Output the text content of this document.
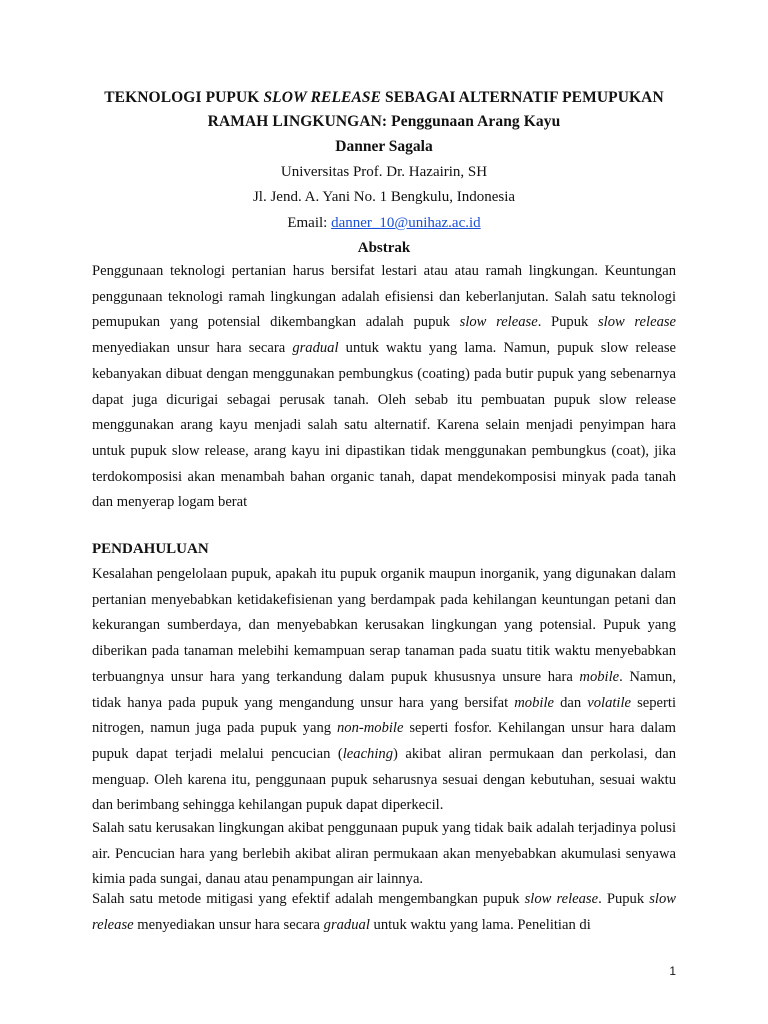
TEKNOLOGI PUPUK SLOW RELEASE SEBAGAI ALTERNATIF PEMUPUKAN
RAMAH LINGKUNGAN: Penggunaan Arang Kayu
Danner Sagala
Universitas Prof. Dr. Hazairin, SH
Jl. Jend. A. Yani No. 1 Bengkulu, Indonesia
Email: danner_10@unihaz.ac.id
Abstrak

Penggunaan teknologi pertanian harus bersifat lestari atau atau ramah lingkungan. Keuntungan penggunaan teknologi ramah lingkungan adalah efisiensi dan keberlanjutan. Salah satu teknologi pemupukan yang potensial dikembangkan adalah pupuk slow release. Pupuk slow release menyediakan unsur hara secara gradual untuk waktu yang lama. Namun, pupuk slow release kebanyakan dibuat dengan menggunakan pembungkus (coating) pada butir pupuk yang sebenarnya dapat juga dicurigai sebagai perusak tanah. Oleh sebab itu pembuatan pupuk slow release menggunakan arang kayu menjadi salah satu alternatif. Karena selain menjadi penyimpan hara untuk pupuk slow release, arang kayu ini dipastikan tidak menggunakan pembungkus (coat), jika terdokomposisi akan menambah bahan organic tanah, dapat mendekomposisi minyak pada tanah dan menyerap logam berat

PENDAHULUAN

Kesalahan pengelolaan pupuk, apakah itu pupuk organik maupun inorganik, yang digunakan dalam pertanian menyebabkan ketidakefisienan yang berdampak pada kehilangan keuntungan petani dan kekurangan sumberdaya, dan menyebabkan kerusakan lingkungan yang potensial. Pupuk yang diberikan pada tanaman melebihi kemampuan serap tanaman pada suatu titik waktu menyebabkan terbuangnya unsur hara yang terkandung dalam pupuk khususnya unsure hara mobile. Namun, tidak hanya pada pupuk yang mengandung unsur hara yang bersifat mobile dan volatile seperti nitrogen, namun juga pada pupuk yang non-mobile seperti fosfor. Kehilangan unsur hara dalam pupuk dapat terjadi melalui pencucian (leaching) akibat aliran permukaan dan perkolasi, dan menguap. Oleh karena itu, penggunaan pupuk seharusnya sesuai dengan kebutuhan, sesuai waktu dan berimbang sehingga kehilangan pupuk dapat diperkecil.

Salah satu kerusakan lingkungan akibat penggunaan pupuk yang tidak baik adalah terjadinya polusi air. Pencucian hara yang berlebih akibat aliran permukaan akan menyebabkan akumulasi senyawa kimia pada sungai, danau atau penampungan air lainnya.

Salah satu metode mitigasi yang efektif adalah mengembangkan pupuk slow release. Pupuk slow release menyediakan unsur hara secara gradual untuk waktu yang lama. Penelitian di

1
